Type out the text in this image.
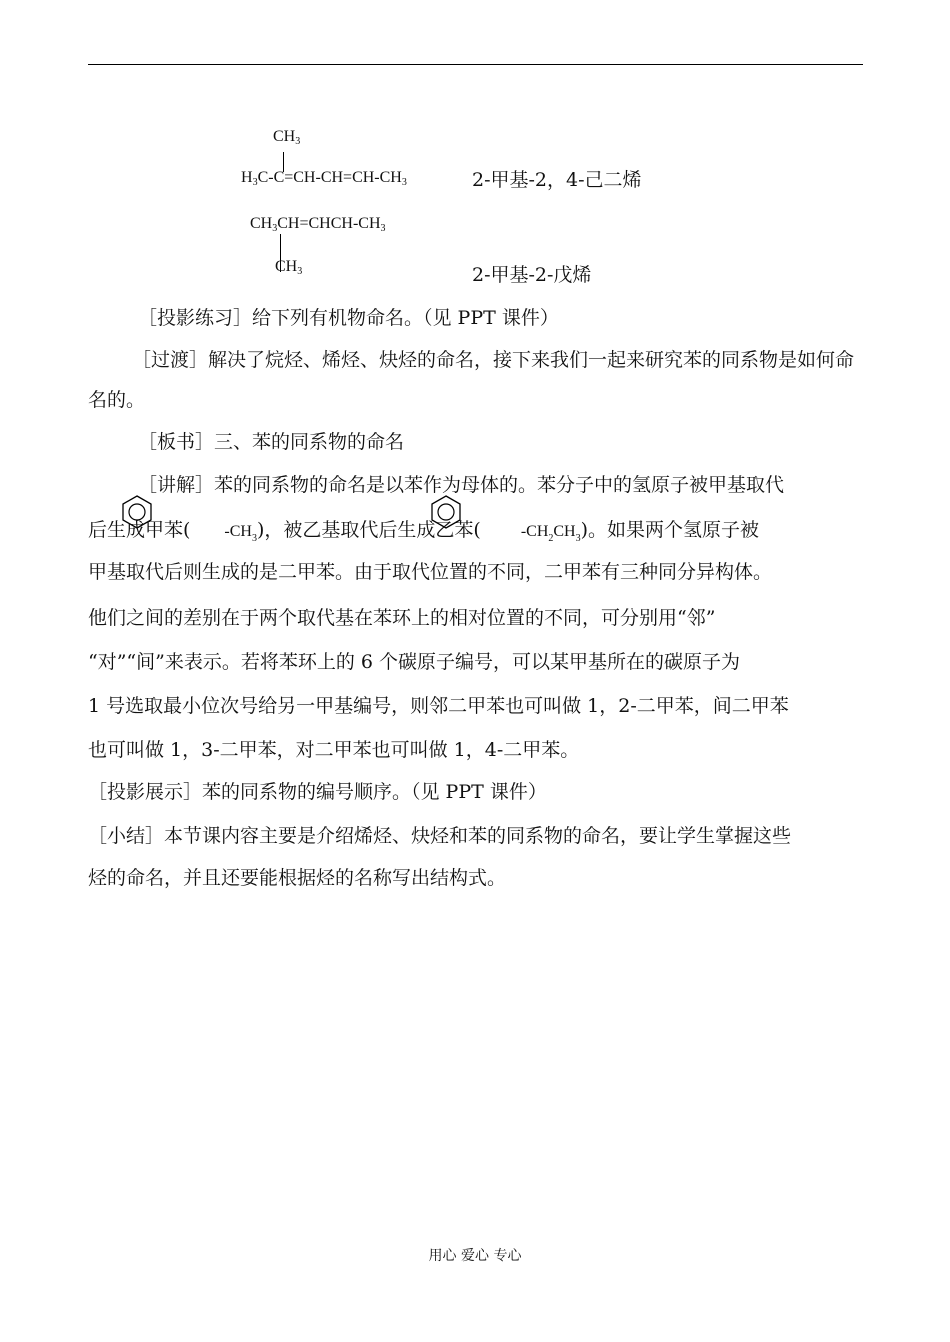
$CH_3$
$H_3C-C=CH-CH=CH-CH_3$	2-甲基-2，4-己二烯
$CH_3CH=CHCH-CH_3$
$CH_3$	2-甲基-2-戊烯
［投影练习］给下列有机物命名。（见 PPT 课件）
［过渡］解决了烷烃、烯烃、炔烃的命名，接下来我们一起来研究苯的同系物是如何命名的。
［板书］三、苯的同系物的命名
［讲解］苯的同系物的命名是以苯作为母体的。苯分子中的氢原子被甲基取代
后生成甲苯( $-CH_3$)，被乙基取代后生成乙苯(	$-CH_2CH_3$)。如果两个氢原子被
甲基取代后则生成的是二甲苯。由于取代位置的不同，二甲苯有三种同分异构体。
他们之间的差别在于两个取代基在苯环上的相对位置的不同，可分别用“邻”
“对”“间”来表示。若将苯环上的 6 个碳原子编号，可以某甲基所在的碳原子为
1 号选取最小位次号给另一甲基编号，则邻二甲苯也可叫做 1，2-二甲苯，间二甲苯
也可叫做 1，3-二甲苯，对二甲苯也可叫做 1，4-二甲苯。
［投影展示］苯的同系物的编号顺序。（见 PPT 课件）
［小结］本节课内容主要是介绍烯烃、炔烃和苯的同系物的命名，要让学生掌握这些
烃的命名，并且还要能根据烃的名称写出结构式。
用心 爱心 专心
